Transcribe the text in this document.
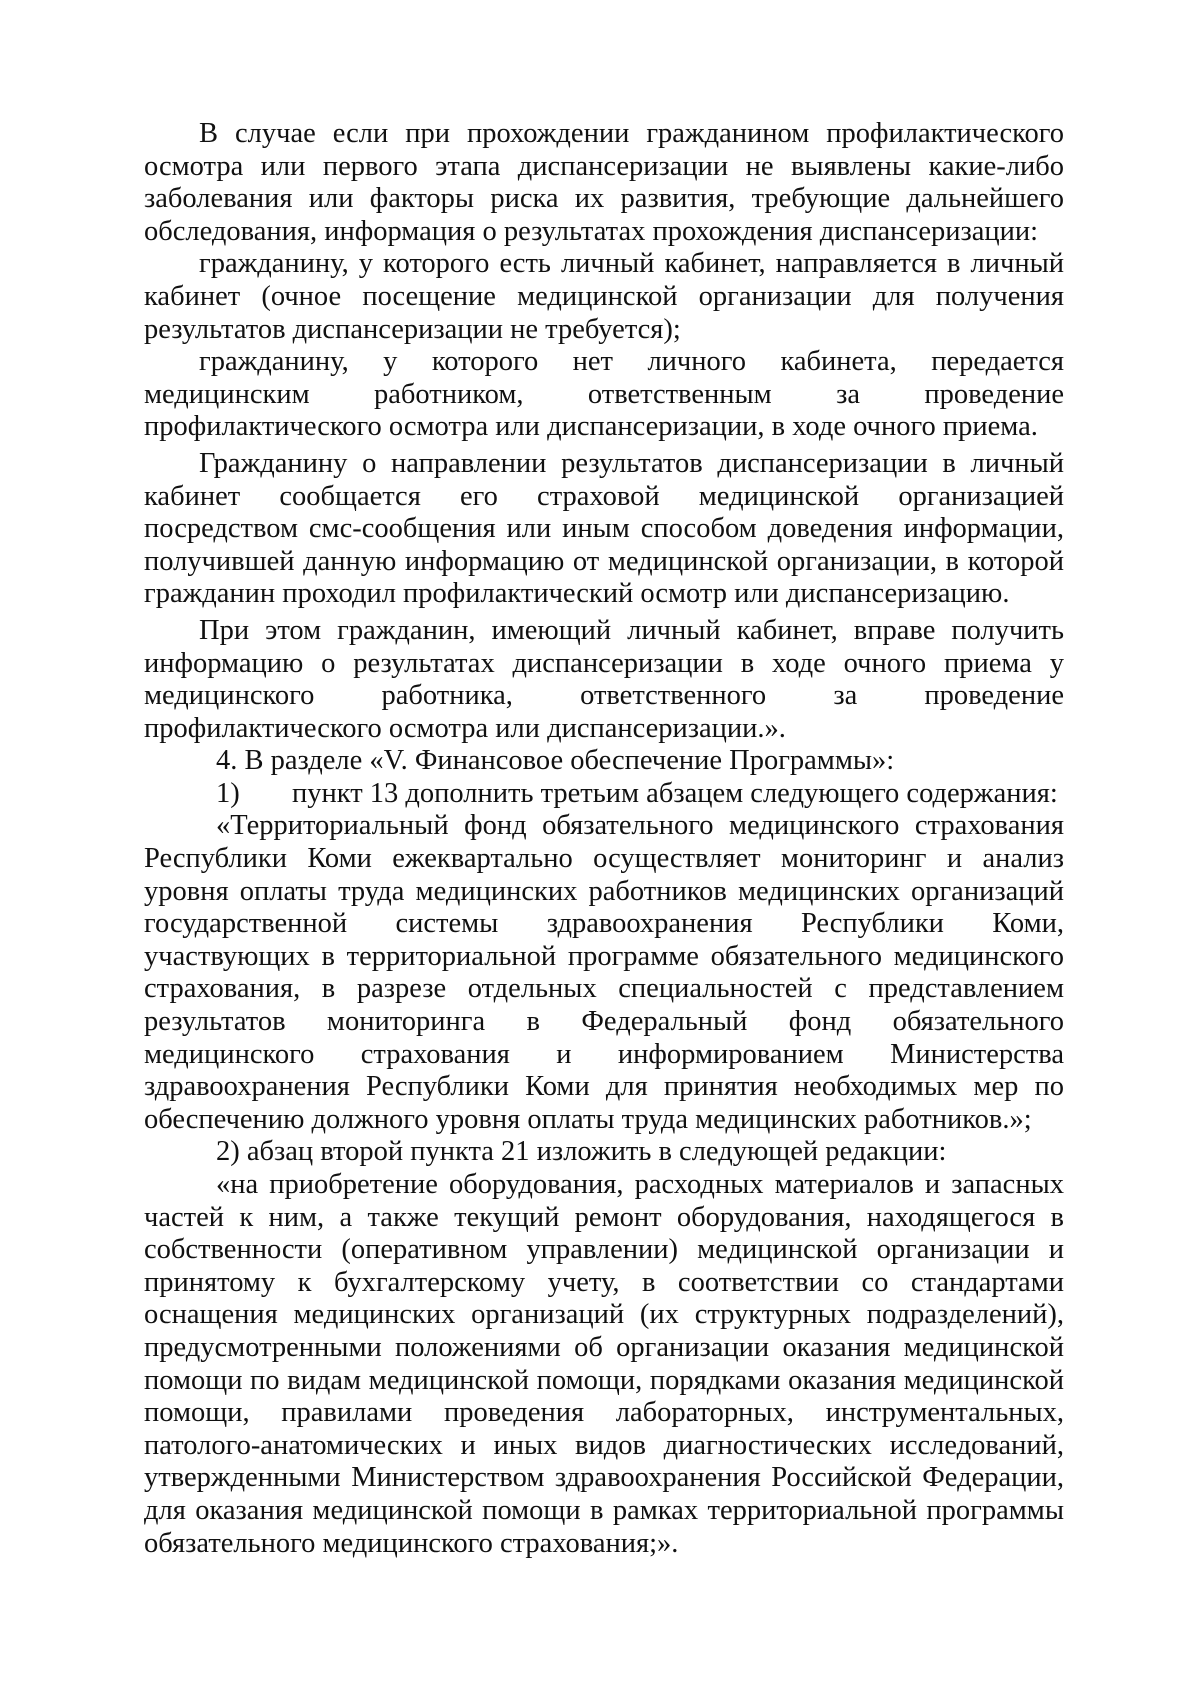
В случае если при прохождении гражданином профилактического осмотра или первого этапа диспансеризации не выявлены какие-либо заболевания или факторы риска их развития, требующие дальнейшего обследования, информация о результатах прохождения диспансеризации:

гражданину, у которого есть личный кабинет, направляется в личный кабинет (очное посещение медицинской организации для получения результатов диспансеризации не требуется);

гражданину, у которого нет личного кабинета, передается медицинским работником, ответственным за проведение профилактического осмотра или диспансеризации, в ходе очного приема.

Гражданину о направлении результатов диспансеризации в личный кабинет сообщается его страховой медицинской организацией посредством смс-сообщения или иным способом доведения информации, получившей данную информацию от медицинской организации, в которой гражданин проходил профилактический осмотр или диспансеризацию.

При этом гражданин, имеющий личный кабинет, вправе получить информацию о результатах диспансеризации в ходе очного приема у медицинского работника, ответственного за проведение профилактического осмотра или диспансеризации.».

4. В разделе «V. Финансовое обеспечение Программы»:

1) пункт 13 дополнить третьим абзацем следующего содержания:

«Территориальный фонд обязательного медицинского страхования Республики Коми ежеквартально осуществляет мониторинг и анализ уровня оплаты труда медицинских работников медицинских организаций государственной системы здравоохранения Республики Коми, участвующих в территориальной программе обязательного медицинского страхования, в разрезе отдельных специальностей с представлением результатов мониторинга в Федеральный фонд обязательного медицинского страхования и информированием Министерства здравоохранения Республики Коми для принятия необходимых мер по обеспечению должного уровня оплаты труда медицинских работников.»;

2) абзац второй пункта 21 изложить в следующей редакции:

«на приобретение оборудования, расходных материалов и запасных частей к ним, а также текущий ремонт оборудования, находящегося в собственности (оперативном управлении) медицинской организации и принятому к бухгалтерскому учету, в соответствии со стандартами оснащения медицинских организаций (их структурных подразделений), предусмотренными положениями об организации оказания медицинской помощи по видам медицинской помощи, порядками оказания медицинской помощи, правилами проведения лабораторных, инструментальных, патолого-анатомических и иных видов диагностических исследований, утвержденными Министерством здравоохранения Российской Федерации, для оказания медицинской помощи в рамках территориальной программы обязательного медицинского страхования;».
